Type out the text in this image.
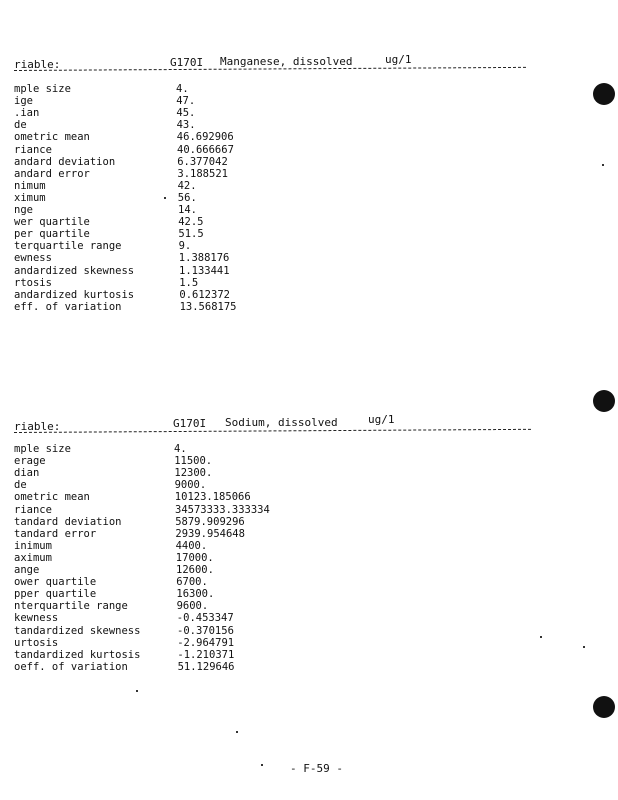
riable:	G170I Manganese, dissolved	ug/1
mple size	4.
ige	47.
.ian	45.
de	43.
ometric mean	46.692906
riance	40.666667
andard deviation	6.377042
andard error	3.188521
nimum	42.
ximum	56.
nge	14.
wer quartile	42.5
per quartile	51.5
terquartile range	9.
ewness	1.388176
andardized skewness	1.133441
rtosis	1.5
andardized kurtosis	0.612372
eff. of variation	13.568175
riable:	G170I Sodium, dissolved	ug/1
mple size	4.
erage	11500.
dian	12300.
de	9000.
ometric mean	10123.185066
riance	34573333.333334
tandard deviation	5879.909296
tandard error	2939.954648
inimum	4400.
aximum	17000.
ange	12600.
ower quartile	6700.
pper quartile	16300.
nterquartile range	9600.
kewness	-0.453347
tandardized skewness	-0.370156
urtosis	-2.964791
tandardized kurtosis	-1.210371
oeff. of variation	51.129646
- F-59 -
